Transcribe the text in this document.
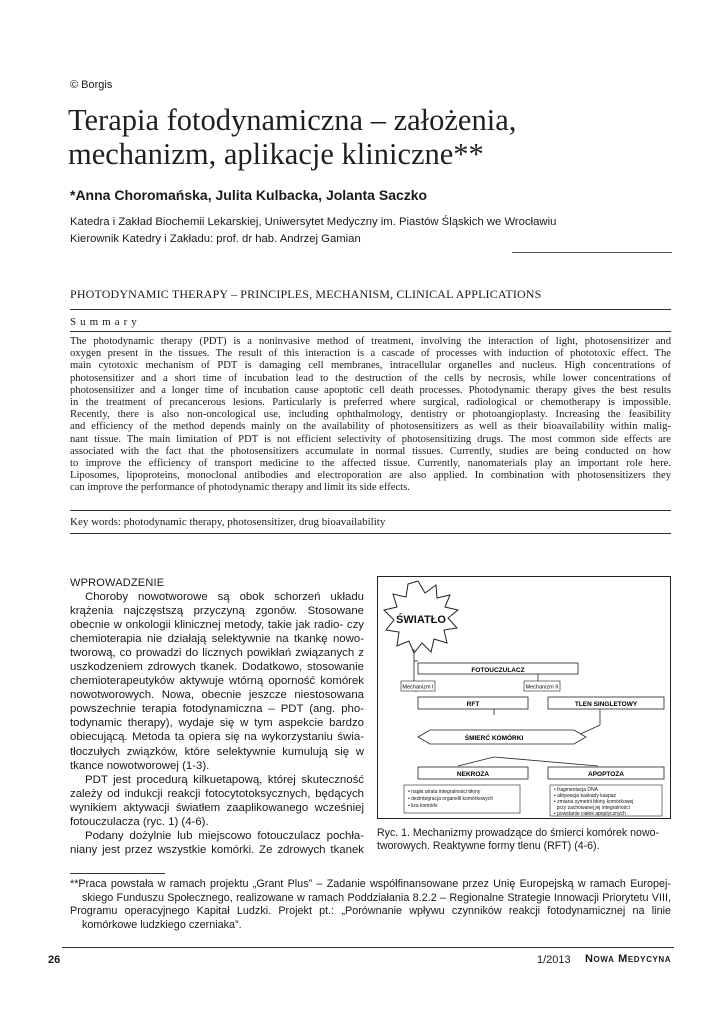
© Borgis
Terapia fotodynamiczna – założenia,
mechanizm, aplikacje kliniczne**
*Anna Choromańska, Julita Kulbacka, Jolanta Saczko
Katedra i Zakład Biochemii Lekarskiej, Uniwersytet Medyczny im. Piastów Śląskich we Wrocławiu
Kierownik Katedry i Zakładu: prof. dr hab. Andrzej Gamian
PHOTODYNAMIC THERAPY – PRINCIPLES, MECHANISM, CLINICAL APPLICATIONS
Summary
The photodynamic therapy (PDT) is a noninvasive method of treatment, involving the interaction of light, photosensitizer and
oxygen present in the tissues. The result of this interaction is a cascade of processes with induction of phototoxic effect. The
main cytotoxic mechanism of PDT is damaging cell membranes, intracellular organelles and nucleus. High concentrations of
photosensitizer and a short time of incubation lead to the destruction of the cells by necrosis, while lower concentrations of
photosensitizer and a longer time of incubation cause apoptotic cell death processes. Photodynamic therapy gives the best results
in the treatment of precancerous lesions. Particularly is preferred where surgical, radiological or chemotherapy is impossible.
Recently, there is also non-oncological use, including ophthalmology, dentistry or photoangioplasty. Increasing the feasibility
and efficiency of the method depends mainly on the availability of photosensitizers as well as their bioavailability within malig-
nant tissue. The main limitation of PDT is not efficient selectivity of photosensitizing drugs. The most common side effects are
associated with the fact that the photosensitizers accumulate in normal tissues. Currently, studies are being conducted on how
to improve the efficiency of transport medicine to the affected tissue. Currently, nanomaterials play an important role here.
Liposomes, lipoproteins, monoclonal antibodies and electroporation are also applied. In combination with photosensitizers they
can improve the performance of photodynamic therapy and limit its side effects.
Key words: photodynamic therapy, photosensitizer, drug bioavailability
WPROWADZENIE
Choroby nowotworowe są obok schorzeń układu
krążenia najczęstszą przyczyną zgonów. Stosowane
obecnie w onkologii klinicznej metody, takie jak radio- czy
chemioterapia nie działają selektywnie na tkankę nowo-
tworową, co prowadzi do licznych powikłań związanych z
uszkodzeniem zdrowych tkanek. Dodatkowo, stosowanie
chemioterapeutyków aktywuje wtórną oporność komórek
nowotworowych. Nowa, obecnie jeszcze niestosowana
powszechnie terapia fotodynamiczna – PDT (ang. pho-
todynamic therapy), wydaje się w tym aspekcie bardzo
obiecującą. Metoda ta opiera się na wykorzystaniu świa-
tłoczułych związków, które selektywnie kumulują się w
tkance nowotworowej (1-3).
PDT jest procedurą kilkuetapową, której skuteczność
zależy od indukcji reakcji fotocytotoksycznych, będących
wynikiem aktywacji światłem zaaplikowanego wcześniej
fotouczulacza (ryc. 1) (4-6).
Podany dożylnie lub miejscowo fotouczulacz pochła-
niany jest przez wszystkie komórki. Ze zdrowych tkanek
ŚWIATŁO
FOTOUCZULACZ
Mechanizm I	Mechanizm II
RFT	TLEN SINGLETOWY
ŚMIERĆ KOMÓRKI
NEKROZA	APOPTOZA
• nagła utrata integralności błony • dezintegracja organelli komórkowych • liza komórki
• fragmentacja DNA • aktywacja kaskady kaspaz • zmiana symetrii błony komórkowej   przy zachowanej jej integralności • powstanie ciałek apoptycznych
Ryc. 1. Mechanizmy prowadzące do śmierci komórek nowo-
tworowych. Reaktywne formy tlenu (RFT) (4-6).
**Praca powstała w ramach projektu „Grant Plus” – Zadanie współfinansowane przez Unię Europejską w ramach Europej-
skiego Funduszu Społecznego, realizowane w ramach Poddziałania 8.2.2 – Regionalne Strategie Innowacji Priorytetu VIII,
Programu operacyjnego Kapitał Ludzki. Projekt pt.: „Porównanie wpływu czynników reakcji fotodynamicznej na linie
komórkowe ludzkiego czerniaka”.
26	1/2013 Nowa Medycyna
